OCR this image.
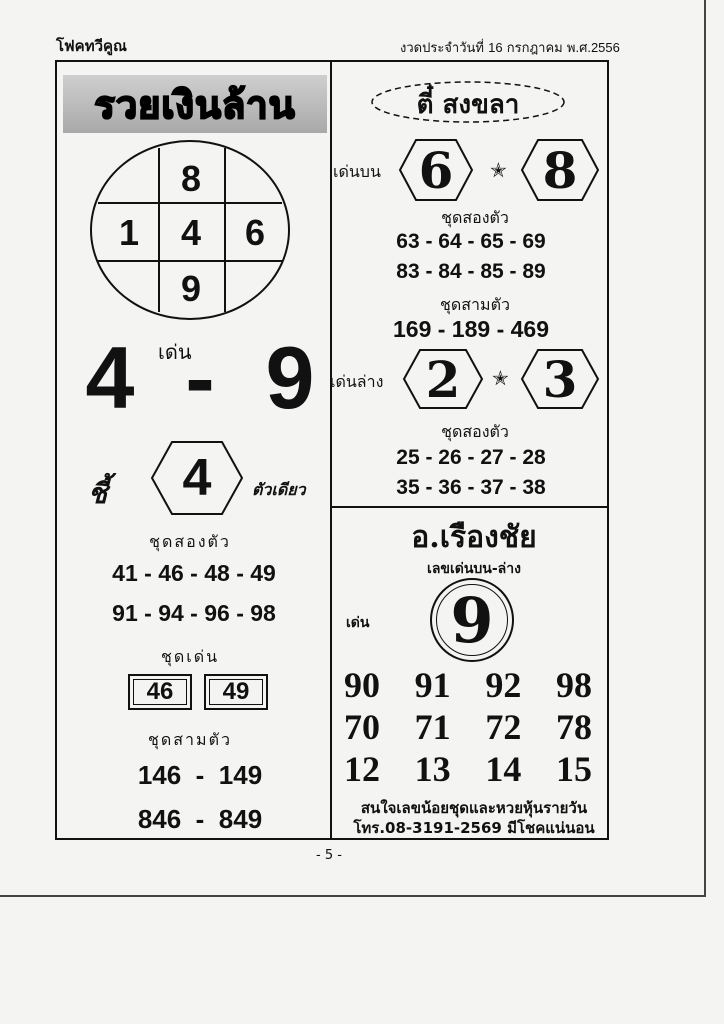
โฟคทวีคูณ	งวดประจำวันที่ 16 กรกฎาคม พ.ศ.2556
รวยเงินล้าน
8
1	4	6
9
เด่น
4 - 9
ชี้ 4	ตัวเดียว
ชุดสองตัว
41 - 46 - 48 - 49
91 - 94 - 96 - 98
ชุดเด่น
46	49
ชุดสามตัว
146  -  149
846  -  849
ตี๋ สงขลา
เด่นบน 6 ✭ 8
ชุดสองตัว
63 - 64 - 65 - 69
83 - 84 - 85 - 89
ชุดสามตัว
169 - 189 - 469
เด่นล่าง 2 ✭ 3
ชุดสองตัว
25 - 26 - 27 - 28
35 - 36 - 37 - 38
อ.เรืองชัย
เลขเด่นบน-ล่าง
เด่น 9
90 91 92 98
70 71 72 78
12 13 14 15
สนใจเลขน้อยชุดและหวยหุ้นรายวัน
โทร.08-3191-2569 มีโชคแน่นอน
- 5 -
